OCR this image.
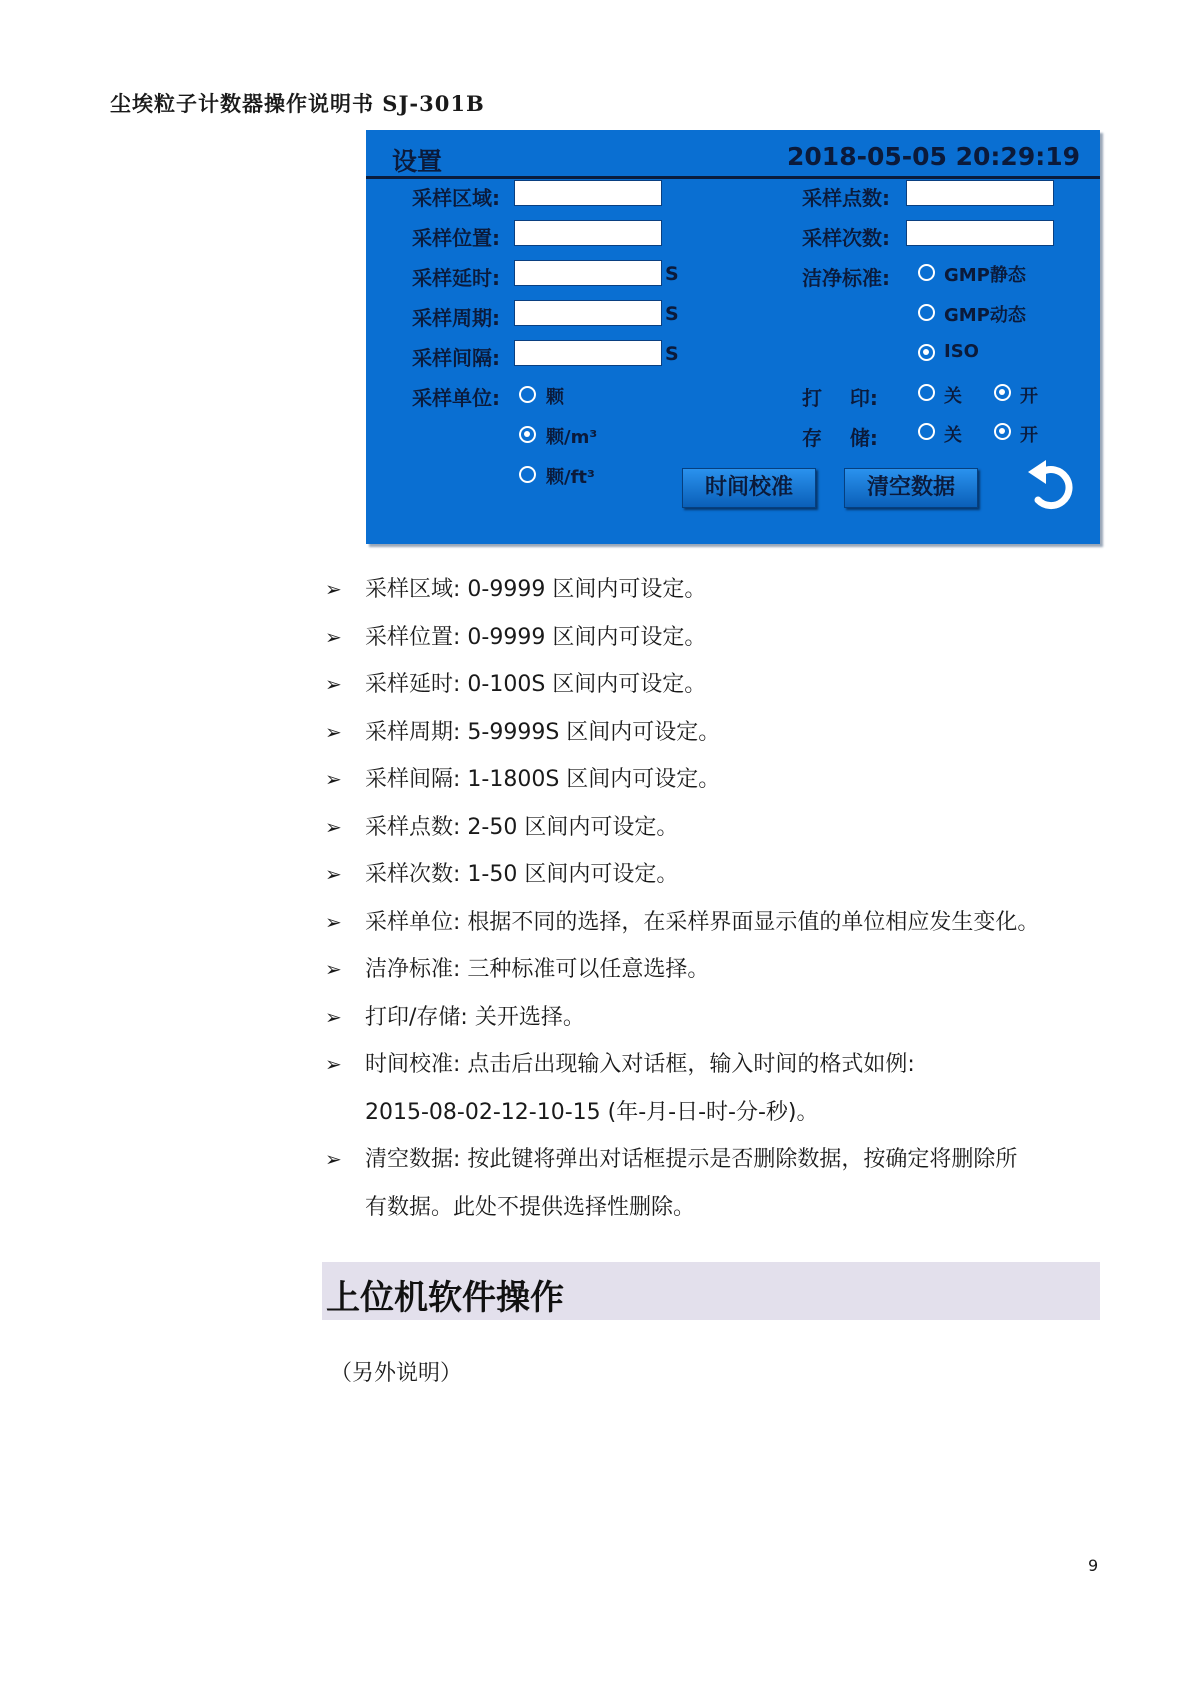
尘埃粒子计数器操作说明书 SJ-301B
设置	2018-05-05 20:29:19
采样区域:
采样位置:
采样延时:	S
采样周期:	S
采样间隔:	S
采样单位:	颗
颗/m³
颗/ft³
采样点数:
采样次数:
洁净标准:	GMP静态
GMP动态
ISO
打    印:	关	开
存    储:	关	开
时间校准	清空数据
➢ 采样区域: 0-9999 区间内可设定。
➢ 采样位置: 0-9999 区间内可设定。
➢ 采样延时: 0-100S 区间内可设定。
➢ 采样周期: 5-9999S 区间内可设定。
➢ 采样间隔: 1-1800S 区间内可设定。
➢ 采样点数: 2-50 区间内可设定。
➢ 采样次数: 1-50 区间内可设定。
➢ 采样单位: 根据不同的选择，在采样界面显示值的单位相应发生变化。
➢ 洁净标准: 三种标准可以任意选择。
➢ 打印/存储: 关开选择。
➢ 时间校准: 点击后出现输入对话框，输入时间的格式如例:
2015-08-02-12-10-15 (年-月-日-时-分-秒)。
➢ 清空数据: 按此键将弹出对话框提示是否删除数据，按确定将删除所
有数据。此处不提供选择性删除。
上位机软件操作
（另外说明）
9
